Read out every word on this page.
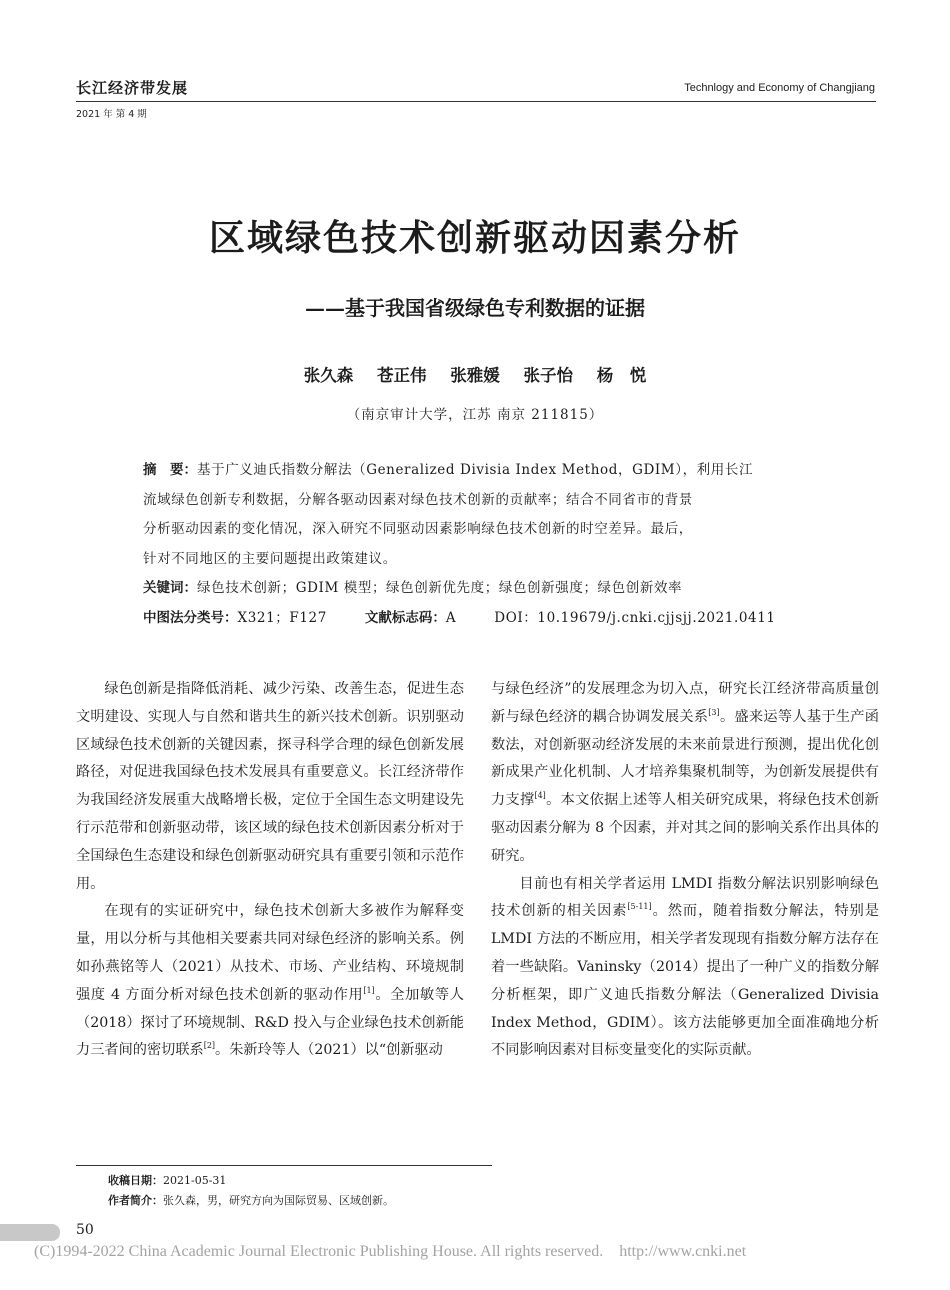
长江经济带发展	Technlogy and Economy of Changjiang
2021 年 第 4 期
区域绿色技术创新驱动因素分析
——基于我国省级绿色专利数据的证据
张久森 苍正伟 张雅媛 张子怡 杨　悦
（南京审计大学，江苏 南京 211815）

摘　要：基于广义迪氏指数分解法（Generalized Divisia Index Method，GDIM），利用长江

流域绿色创新专利数据，分解各驱动因素对绿色技术创新的贡献率；结合不同省市的背景

分析驱动因素的变化情况，深入研究不同驱动因素影响绿色技术创新的时空差异。最后，

针对不同地区的主要问题提出政策建议。

关键词：绿色技术创新；GDIM 模型；绿色创新优先度；绿色创新强度；绿色创新效率

中图法分类号：X321；F127	文献标志码：A	DOI：10.19679/j.cnki.cjjsjj.2021.0411

绿色创新是指降低消耗、减少污染、改善生态，促进生态文明建设、实现人与自然和谐共生的新兴技术创新。识别驱动区域绿色技术创新的关键因素，探寻科学合理的绿色创新发展路径，对促进我国绿色技术发展具有重要意义。长江经济带作为我国经济发展重大战略增长极，定位于全国生态文明建设先行示范带和创新驱动带，该区域的绿色技术创新因素分析对于全国绿色生态建设和绿色创新驱动研究具有重要引领和示范作用。

在现有的实证研究中，绿色技术创新大多被作为解释变量，用以分析与其他相关要素共同对绿色经济的影响关系。例如孙燕铭等人（2021）从技术、市场、产业结构、环境规制强度 4 方面分析对绿色技术创新的驱动作用[1]。全加敏等人（2018）探讨了环境规制、R&D 投入与企业绿色技术创新能力三者间的密切联系[2]。朱新玲等人（2021）以“创新驱动

与绿色经济”的发展理念为切入点，研究长江经济带高质量创新与绿色经济的耦合协调发展关系[3]。盛来运等人基于生产函数法，对创新驱动经济发展的未来前景进行预测，提出优化创新成果产业化机制、人才培养集聚机制等，为创新发展提供有力支撑[4]。本文依据上述等人相关研究成果，将绿色技术创新驱动因素分解为 8 个因素，并对其之间的影响关系作出具体的研究。

目前也有相关学者运用 LMDI 指数分解法识别影响绿色技术创新的相关因素[5-11]。然而，随着指数分解法，特别是 LMDI 方法的不断应用，相关学者发现现有指数分解方法存在着一些缺陷。Vaninsky（2014）提出了一种广义的指数分解分析框架，即广义迪氏指数分解法（Generalized Divisia Index Method，GDIM）。该方法能够更加全面准确地分析不同影响因素对目标变量变化的实际贡献。

收稿日期：2021-05-31
作者简介：张久森，男，研究方向为国际贸易、区域创新。
50
(C)1994-2022 China Academic Journal Electronic Publishing House. All rights reserved.    http://www.cnki.net
